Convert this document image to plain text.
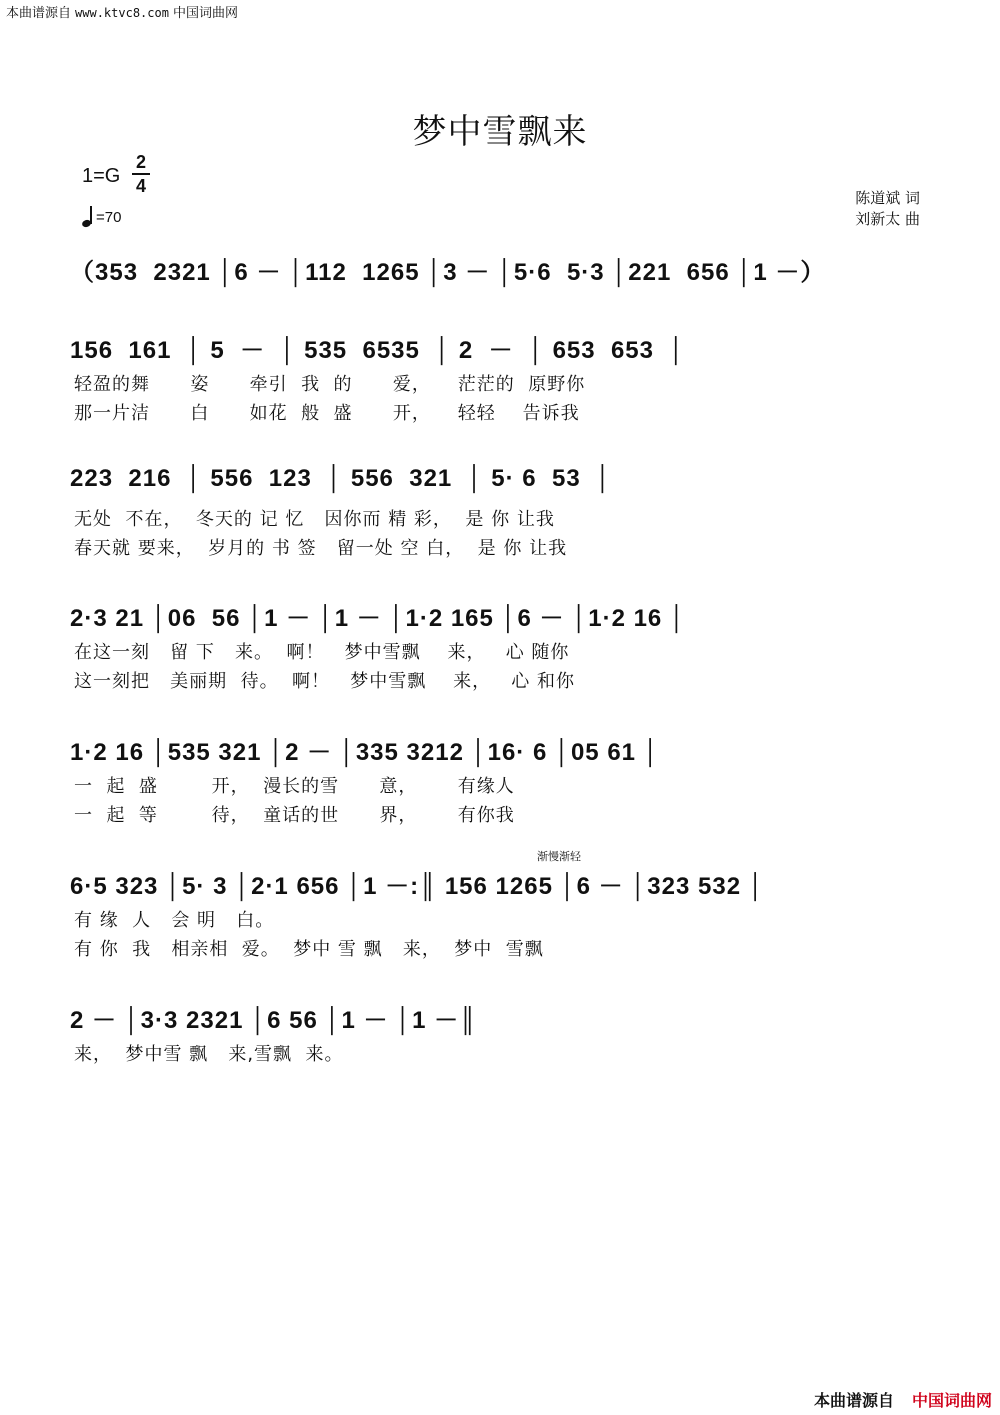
本曲谱源自 www.ktvc8.com 中国词曲网
梦中雪飘来
1=G
2
4
=70
陈道斌 词
刘新太 曲
（353  2321 │6 － │112  1265 │3 － │5·6  5·3 │221  656 │1 －）
156  161  │ 5  －  │ 535  6535  │ 2  －  │ 653  653  │
轻盈的舞      姿      牵引  我  的      爱，    茫茫的  原野你
那一片洁      白      如花  般  盛      开，    轻轻    告诉我
223  216  │ 556  123  │ 556  321  │ 5· 6  53  │
无处  不在，  冬天的 记 忆   因你而 精 彩，  是 你 让我
春天就 要来，  岁月的 书 签   留一处 空 白，  是 你 让我
2·3 21 │06  56 │1 － │1 － │1·2 165 │6 － │1·2 16 │
在这一刻   留 下   来。  啊！   梦中雪飘    来，   心 随你
这一刻把   美丽期  待。  啊！   梦中雪飘    来，   心 和你
1·2 16 │535 321 │2 － │335 3212 │16· 6 │05 61 │
一  起  盛        开，  漫长的雪      意，      有缘人
一  起  等        待，  童话的世      界，      有你我
渐慢渐轻
6·5 323 │5· 3 │2·1 656 │1 －:║ 156 1265 │6 － │323 532 │
有 缘  人   会 明   白。
有 你  我   相亲相  爱。  梦中 雪 飘   来，  梦中  雪飘
2 － │3·3 2321 │6 56 │1 － │1 －║
来，  梦中雪 飘   来,雪飘  来。
本曲谱源自 中国词曲网
